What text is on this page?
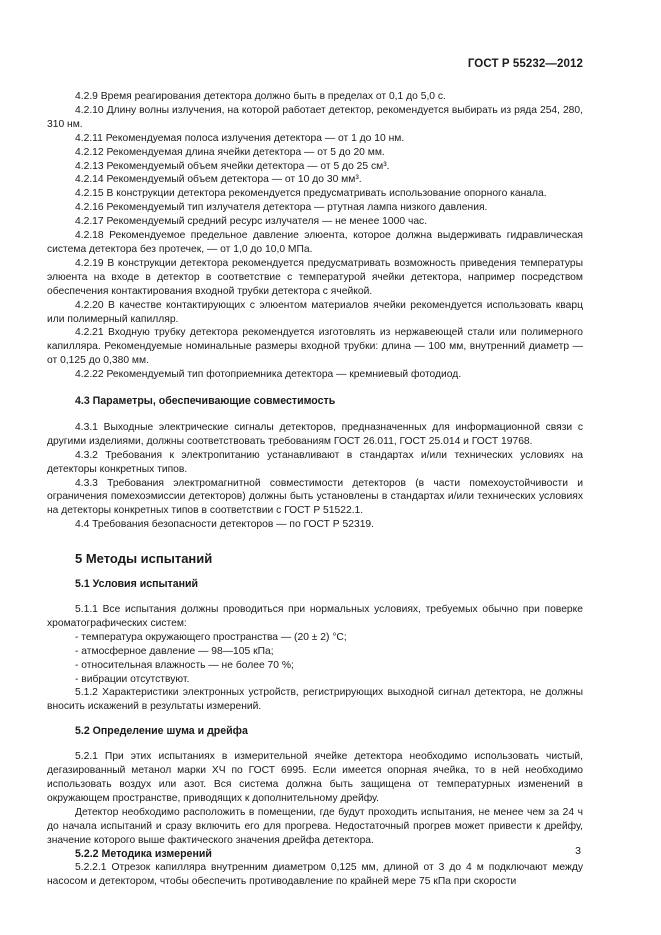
ГОСТ Р 55232—2012

4.2.9 Время реагирования детектора должно быть в пределах от 0,1 до 5,0 с.

4.2.10 Длину волны излучения, на которой работает детектор, рекомендуется выбирать из ряда 254, 280, 310 нм.

4.2.11 Рекомендуемая полоса излучения детектора — от 1 до 10 нм.

4.2.12 Рекомендуемая длина ячейки детектора — от 5 до 20 мм.

4.2.13 Рекомендуемый объем ячейки детектора — от 5 до 25 см³.

4.2.14 Рекомендуемый объем детектора — от 10 до 30 мм³.

4.2.15 В конструкции детектора рекомендуется предусматривать использование опорного канала.

4.2.16 Рекомендуемый тип излучателя детектора — ртутная лампа низкого давления.

4.2.17 Рекомендуемый средний ресурс излучателя — не менее 1000 час.

4.2.18 Рекомендуемое предельное давление элюента, которое должна выдерживать гидравлическая система детектора без протечек, — от 1,0 до 10,0 МПа.

4.2.19 В конструкции детектора рекомендуется предусматривать возможность приведения температуры элюента на входе в детектор в соответствие с температурой ячейки детектора, например посредством обеспечения контактирования входной трубки детектора с ячейкой.

4.2.20 В качестве контактирующих с элюентом материалов ячейки рекомендуется использовать кварц или полимерный капилляр.

4.2.21 Входную трубку детектора рекомендуется изготовлять из нержавеющей стали или полимерного капилляра. Рекомендуемые номинальные размеры входной трубки: длина — 100 мм, внутренний диаметр — от 0,125 до 0,380 мм.

4.2.22 Рекомендуемый тип фотоприемника детектора — кремниевый фотодиод.

4.3 Параметры, обеспечивающие совместимость

4.3.1 Выходные электрические сигналы детекторов, предназначенных для информационной связи с другими изделиями, должны соответствовать требованиям ГОСТ 26.011, ГОСТ 25.014 и ГОСТ 19768.

4.3.2 Требования к электропитанию устанавливают в стандартах и/или технических условиях на детекторы конкретных типов.

4.3.3 Требования электромагнитной совместимости детекторов (в части помехоустойчивости и ограничения помехоэмиссии детекторов) должны быть установлены в стандартах и/или технических условиях на детекторы конкретных типов в соответствии с ГОСТ Р 51522.1.

4.4 Требования безопасности детекторов — по ГОСТ Р 52319.

5 Методы испытаний
5.1 Условия испытаний

5.1.1 Все испытания должны проводиться при нормальных условиях, требуемых обычно при поверке хроматографических систем:

- температура окружающего пространства — (20 ± 2) °С;

- атмосферное давление — 98—105 кПа;

- относительная влажность — не более 70 %;

- вибрации отсутствуют.

5.1.2 Характеристики электронных устройств, регистрирующих выходной сигнал детектора, не должны вносить искажений в результаты измерений.

5.2 Определение шума и дрейфа

5.2.1 При этих испытаниях в измерительной ячейке детектора необходимо использовать чистый, дегазированный метанол марки ХЧ по ГОСТ 6995. Если имеется опорная ячейка, то в ней необходимо использовать воздух или азот. Вся система должна быть защищена от температурных изменений в окружающем пространстве, приводящих к дополнительному дрейфу.

Детектор необходимо расположить в помещении, где будут проходить испытания, не менее чем за 24 ч до начала испытаний и сразу включить его для прогрева. Недостаточный прогрев может привести к дрейфу, значение которого выше фактического значения дрейфа детектора.

5.2.2 Методика измерений

5.2.2.1 Отрезок капилляра внутренним диаметром 0,125 мм, длиной от 3 до 4 м подключают между насосом и детектором, чтобы обеспечить противодавление по крайней мере 75 кПа при скорости

3
